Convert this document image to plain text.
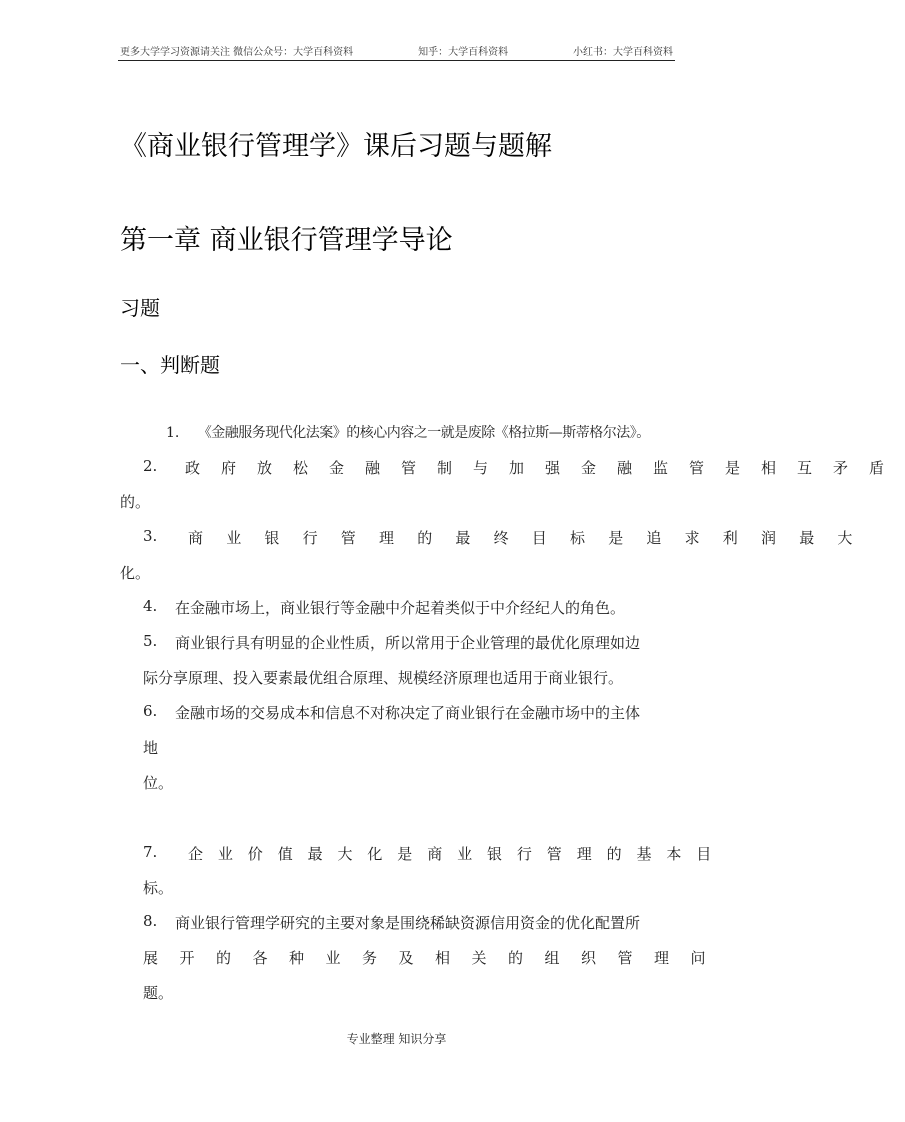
更多大学学习资源请关注 微信公众号：大学百科资料	知乎：大学百科资料	小红书：大学百科资料
《商业银行管理学》课后习题与题解
第一章 商业银行管理学导论
习题
一、判断题
1. 《金融服务现代化法案》的核心内容之一就是废除《格拉斯—斯蒂格尔法》。
2. 政府放松金融管制与加强金融监管是相互矛盾
的。
3. 商业银行管理的最终目标是追求利润最大
化。
4. 在金融市场上，商业银行等金融中介起着类似于中介经纪人的角色。
5. 商业银行具有明显的企业性质，所以常用于企业管理的最优化原理如边
际分享原理、投入要素最优组合原理、规模经济原理也适用于商业银行。
6. 金融市场的交易成本和信息不对称决定了商业银行在金融市场中的主体
地
位。
7. 企业价值最大化是商业银行管理的基本目
标。
8. 商业银行管理学研究的主要对象是围绕稀缺资源信用资金的优化配置所
展开的各种业务及相关的组织管理问
题。
专业整理 知识分享
